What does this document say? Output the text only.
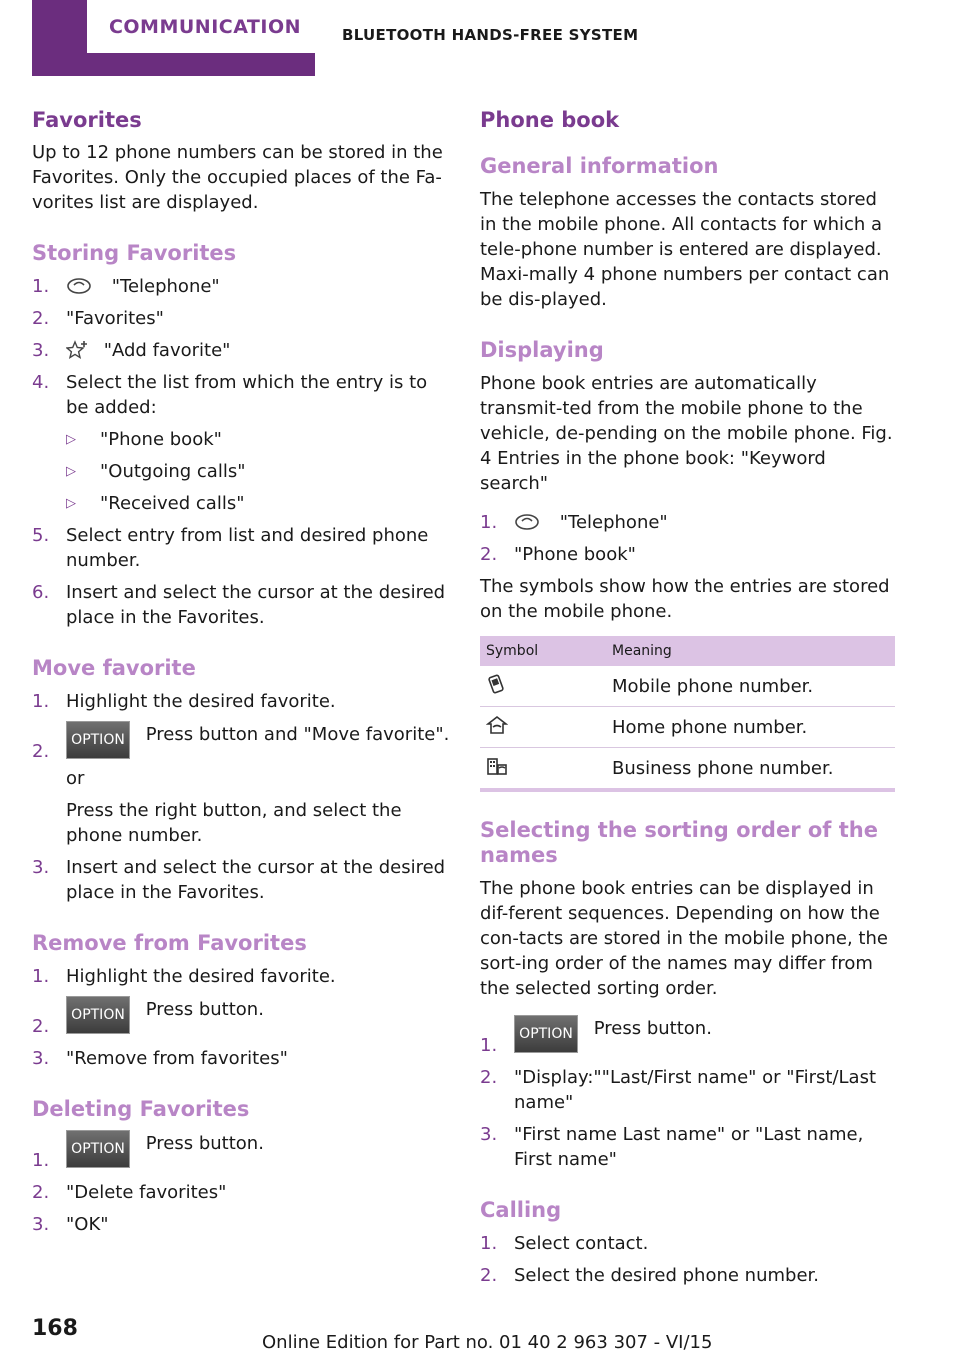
COMMUNICATION	BLUETOOTH HANDS-FREE SYSTEM
Favorites

Up to 12 phone numbers can be stored in the Favorites. Only the occupied places of the Fa-vorites list are displayed.

Storing Favorites
1.	"Telephone"
2. "Favorites"
3.	"Add favorite"
4. Select the list from which the entry is to be added:
▷	"Phone book"
▷	"Outgoing calls"
▷	"Received calls"
5. Select entry from list and desired phone number.
6. Insert and select the cursor at the desired place in the Favorites.
Move favorite
1. Highlight the desired favorite.
2.
OPTION Press button and "Move favorite".
or
Press the right button, and select the phone number.
3. Insert and select the cursor at the desired place in the Favorites.
Remove from Favorites
1. Highlight the desired favorite.
2.
OPTION Press button.
3. "Remove from favorites"
Deleting Favorites
1.
OPTION Press button.
2. "Delete favorites"
3. "OK"
Phone book
General information

The telephone accesses the contacts stored in the mobile phone. All contacts for which a tele-phone number is entered are displayed. Maxi-mally 4 phone numbers per contact can be dis-played.

Displaying

Phone book entries are automatically transmit-ted from the mobile phone to the vehicle, de-pending on the mobile phone. Fig. 4 Entries in the phone book: "Keyword search"

1.	"Telephone"
2. "Phone book"

The symbols show how the entries are stored on the mobile phone.

Symbol	Meaning
	Mobile phone number.
	Home phone number.
	Business phone number.
Selecting the sorting order of the names

The phone book entries can be displayed in dif-ferent sequences. Depending on how the con-tacts are stored in the mobile phone, the sort-ing order of the names may differ from the selected sorting order.

1.
OPTION Press button.
2. "Display:""Last/First name" or "First/Last name"
3. "First name Last name" or "Last name, First name"
Calling
1. Select contact.
2. Select the desired phone number.
168
Online Edition for Part no. 01 40 2 963 307 - VI/15
